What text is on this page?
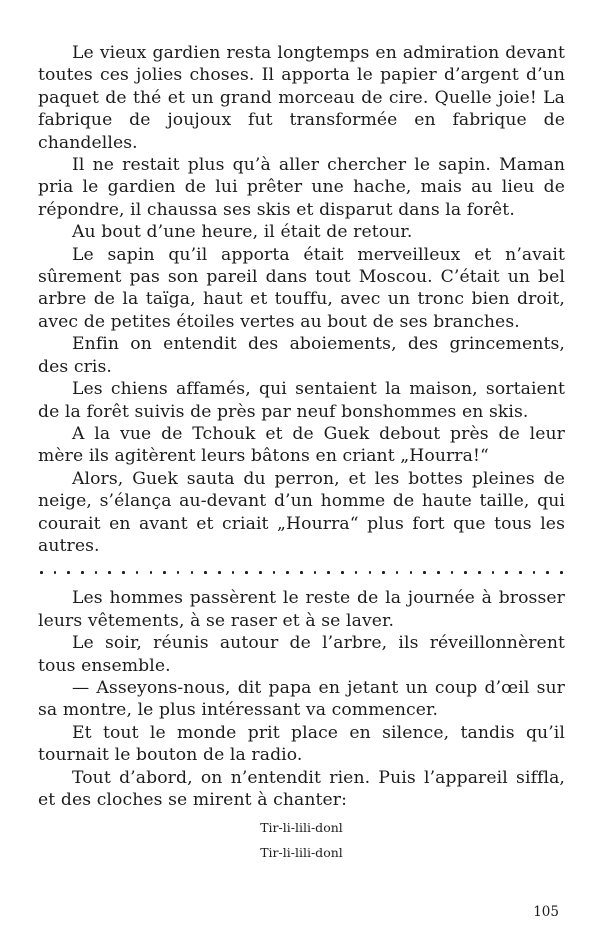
Le vieux gardien resta longtemps en admiration devant toutes ces jolies choses. Il apporta le papier d’argent d’un paquet de thé et un grand morceau de cire. Quelle joie! La fabrique de joujoux fut transformée en fabrique de chandelles.

Il ne restait plus qu’à aller chercher le sapin. Maman pria le gardien de lui prêter une hache, mais au lieu de répondre, il chaussa ses skis et disparut dans la forêt.

Au bout d’une heure, il était de retour.

Le sapin qu’il apporta était merveilleux et n’avait sûrement pas son pareil dans tout Moscou. C’était un bel arbre de la taïga, haut et touffu, avec un tronc bien droit, avec de petites étoiles vertes au bout de ses branches.

Enfin on entendit des aboiements, des grincements, des cris.

Les chiens affamés, qui sentaient la maison, sortaient de la forêt suivis de près par neuf bonshommes en skis.

A la vue de Tchouk et de Guek debout près de leur mère ils agitèrent leurs bâtons en criant „Hourra!“

Alors, Guek sauta du perron, et les bottes pleines de neige, s’élança au-devant d’un homme de haute taille, qui courait en avant et criait „Hourra“ plus fort que tous les autres.

Les hommes passèrent le reste de la journée à brosser leurs vêtements, à se raser et à se laver.

Le soir, réunis autour de l’arbre, ils réveillonnèrent tous ensemble.

— Asseyons-nous, dit papa en jetant un coup d’œil sur sa montre, le plus intéressant va commencer.

Et tout le monde prit place en silence, tandis qu’il tournait le bouton de la radio.

Tout d’abord, on n’entendit rien. Puis l’appareil siffla, et des cloches se mirent à chanter:

Tir-li-lili-donl
Tir-li-lili-donl
105
